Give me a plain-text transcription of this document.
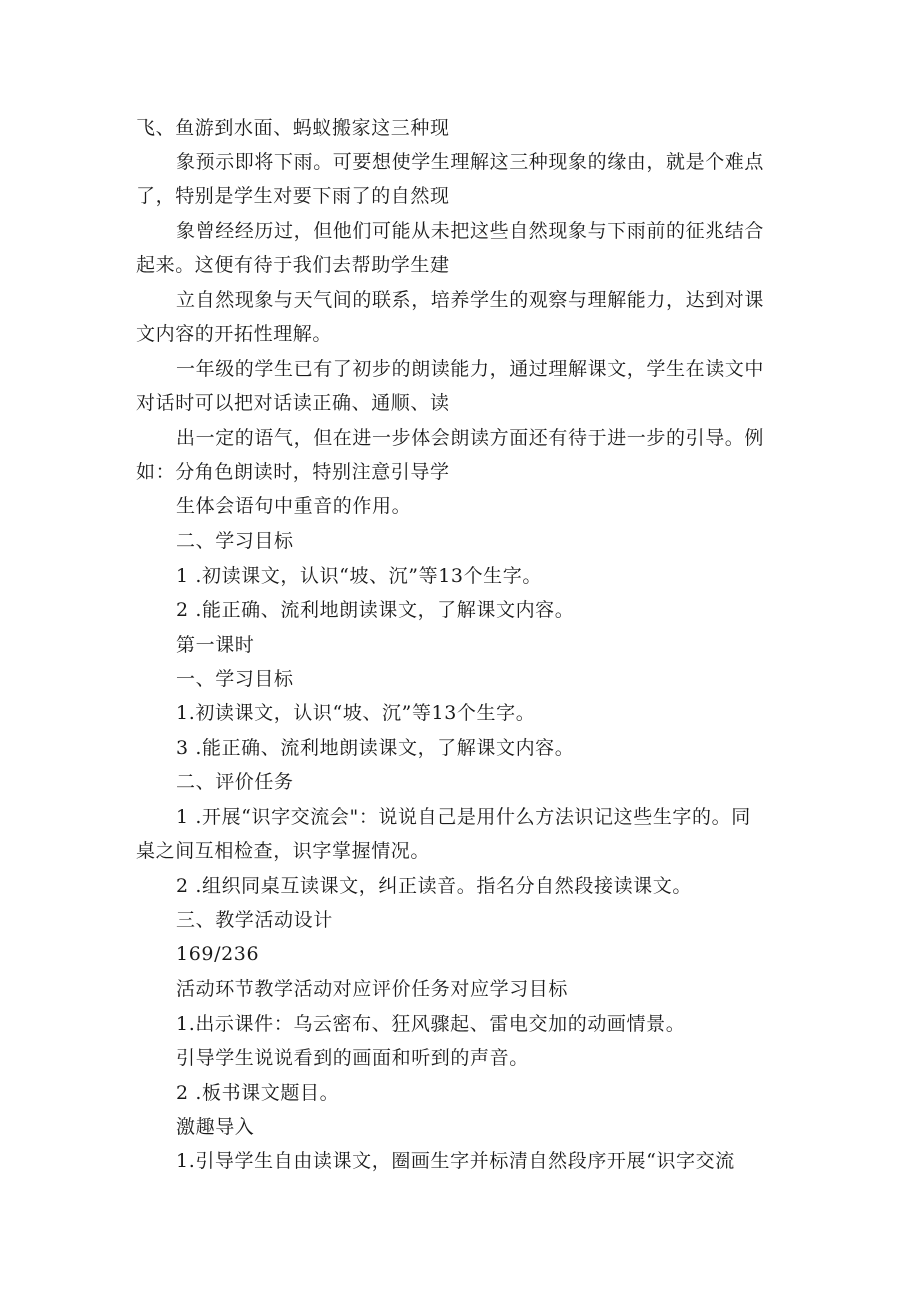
飞、鱼游到水面、蚂蚁搬家这三种现
象预示即将下雨。可要想使学生理解这三种现象的缘由，就是个难点
了，特别是学生对要下雨了的自然现
象曾经经历过，但他们可能从未把这些自然现象与下雨前的征兆结合
起来。这便有待于我们去帮助学生建
立自然现象与天气间的联系，培养学生的观察与理解能力，达到对课
文内容的开拓性理解。
一年级的学生已有了初步的朗读能力，通过理解课文，学生在读文中
对话时可以把对话读正确、通顺、读
出一定的语气，但在进一步体会朗读方面还有待于进一步的引导。例
如：分角色朗读时，特别注意引导学
生体会语句中重音的作用。
二、学习目标
1 .初读课文，认识“坡、沉”等13个生字。
2 .能正确、流利地朗读课文，了解课文内容。
第一课时
一、学习目标
1.初读课文，认识“坡、沉”等13个生字。
3 .能正确、流利地朗读课文，了解课文内容。
二、评价任务
1 .开展“识字交流会"：说说自己是用什么方法识记这些生字的。同
桌之间互相检查，识字掌握情况。
2 .组织同桌互读课文，纠正读音。指名分自然段接读课文。
三、教学活动设计
169/236
活动环节教学活动对应评价任务对应学习目标
1.出示课件：乌云密布、狂风骤起、雷电交加的动画情景。
引导学生说说看到的画面和听到的声音。
2 .板书课文题目。
激趣导入
1.引导学生自由读课文，圈画生字并标清自然段序开展“识字交流
